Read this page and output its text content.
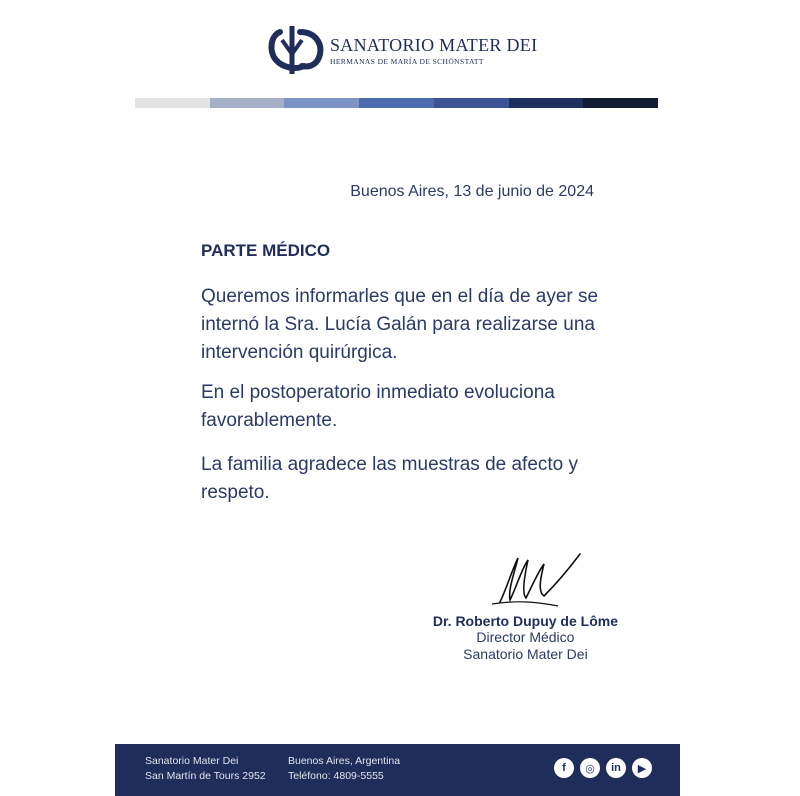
SANATORIO MATER DEI
HERMANAS DE MARÍA DE SCHÖNSTATT
Buenos Aires, 13 de junio de 2024
PARTE MÉDICO

Queremos informarles que en el día de ayer se internó la Sra. Lucía Galán para realizarse una intervención quirúrgica.

En el postoperatorio inmediato evoluciona favorablemente.

La familia agradece las muestras de afecto y respeto.

Dr. Roberto Dupuy de Lôme
Director Médico
Sanatorio Mater Dei
Sanatorio Mater Dei
San Martín de Tours 2952
Buenos Aires, Argentina
Teléfono: 4809-5555
f	◎	in	▶
